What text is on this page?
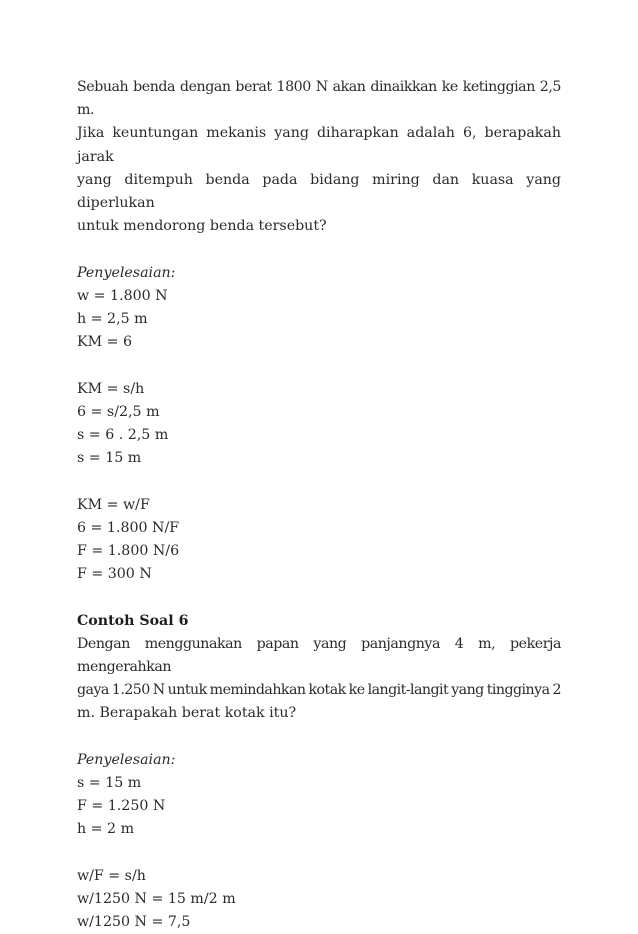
Sebuah benda dengan berat 1800 N akan dinaikkan ke ketinggian 2,5 m.
Jika keuntungan mekanis yang diharapkan adalah 6, berapakah jarak
yang ditempuh benda pada bidang miring dan kuasa yang diperlukan
untuk mendorong benda tersebut?
Penyelesaian:
w = 1.800 N
h = 2,5 m
KM = 6
KM = s/h
6 = s/2,5 m
s = 6 . 2,5 m
s = 15 m
KM = w/F
6 = 1.800 N/F
F = 1.800 N/6
F = 300 N
Contoh Soal 6
Dengan menggunakan papan yang panjangnya 4 m, pekerja mengerahkan
gaya 1.250 N untuk memindahkan kotak ke langit-langit yang tingginya 2
m. Berapakah berat kotak itu?
Penyelesaian:
s = 15 m
F = 1.250 N
h = 2 m
w/F = s/h
w/1250 N = 15 m/2 m
w/1250 N = 7,5
